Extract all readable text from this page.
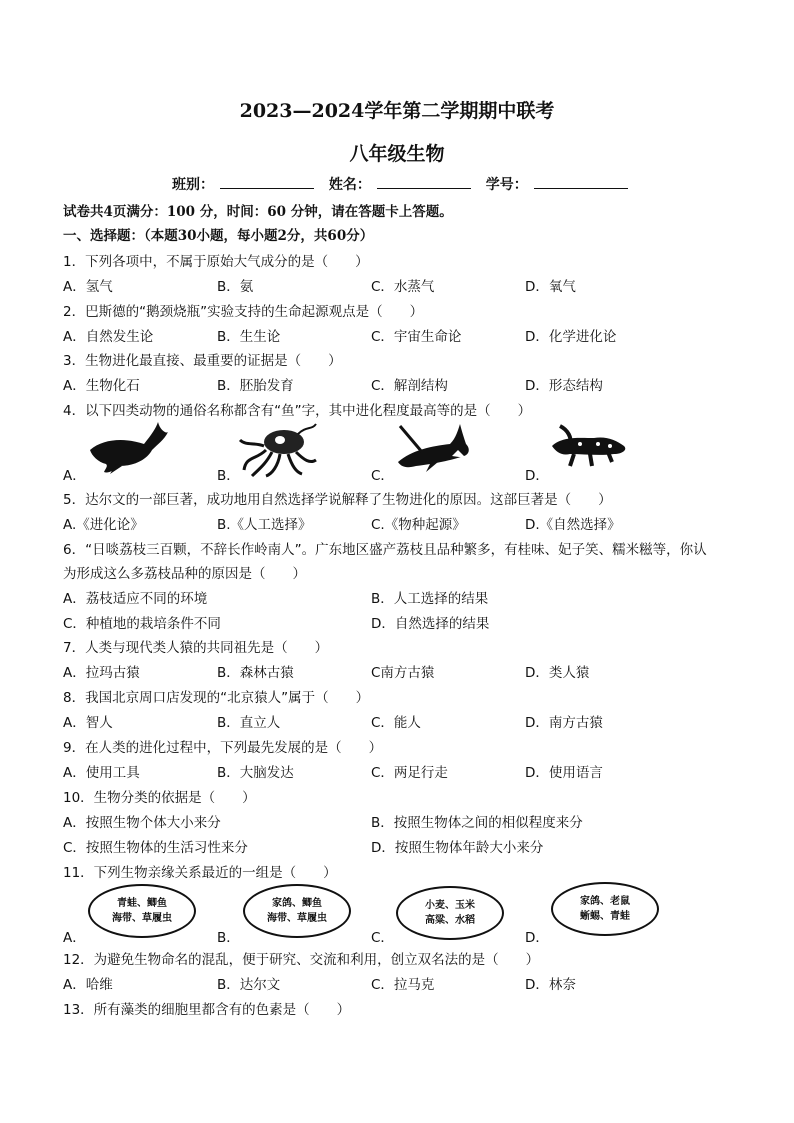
2023—2024学年第二学期期中联考
八年级生物
班别：	姓名：	学号：
试卷共4页满分：100 分，时间：60 分钟，请在答题卡上答题。
一、选择题：（本题30小题，每小题2分，共60分）
1．下列各项中，不属于原始大气成分的是（　　）
A．氢气	B．氨	C．水蒸气	D．氧气
2．巴斯德的“鹅颈烧瓶”实验支持的生命起源观点是（　　）
A．自然发生论	B．生生论	C．宇宙生命论	D．化学进化论
3．生物进化最直接、最重要的证据是（　　）
A．生物化石	B．胚胎发育	C．解剖结构	D．形态结构
4．以下四类动物的通俗名称都含有“鱼”字，其中进化程度最高等的是（　　）
A．	B．	C．	D．
5．达尔文的一部巨著，成功地用自然选择学说解释了生物进化的原因。这部巨著是（　　）
A.《进化论》	B.《人工选择》	C.《物种起源》	D.《自然选择》
6．“日啖荔枝三百颗，不辞长作岭南人”。广东地区盛产荔枝且品种繁多，有桂味、妃子笑、糯米糍等，你认
为形成这么多荔枝品种的原因是（　　）
A．荔枝适应不同的环境	B．人工选择的结果
C．种植地的栽培条件不同	D．自然选择的结果
7．人类与现代类人猿的共同祖先是（　　）
A．拉玛古猿	B．森林古猿	C南方古猿	D．类人猿
8．我国北京周口店发现的“北京猿人”属于（　　）
A．智人	B．直立人	C．能人	D．南方古猿
9．在人类的进化过程中，下列最先发展的是（　　）
A．使用工具	B．大脑发达	C．两足行走	D．使用语言
10．生物分类的依据是（　　）
A．按照生物个体大小来分	B．按照生物体之间的相似程度来分
C．按照生物体的生活习性来分	D．按照生物体年龄大小来分
11．下列生物亲缘关系最近的一组是（　　）
A．	B．	C．	D．
青蛙、鲫鱼
海带、草履虫
家鸽、鲫鱼
海带、草履虫
小麦、玉米
高粱、水稻
家鸽、老鼠
蜥蜴、青蛙
12．为避免生物命名的混乱，便于研究、交流和利用，创立双名法的是（　　）
A．哈维	B．达尔文	C．拉马克	D．林奈
13．所有藻类的细胞里都含有的色素是（　　）
